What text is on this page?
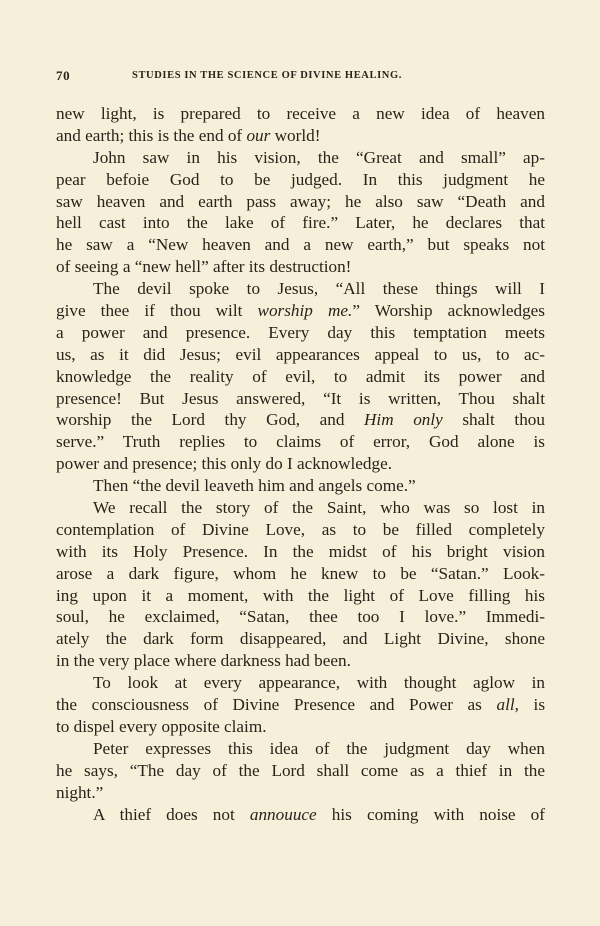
70	STUDIES IN THE SCIENCE OF DIVINE HEALING.
new light, is prepared to receive a new idea of heaven
and earth; this is the end of our world!
John saw in his vision, the “Great and small” ap-
pear befoie God to be judged. In this judgment he
saw heaven and earth pass away; he also saw “Death and
hell cast into the lake of fire.” Later, he declares that
he saw a “New heaven and a new earth,” but speaks not
of seeing a “new hell” after its destruction!
The devil spoke to Jesus, “All these things will I
give thee if thou wilt worship me.” Worship acknowledges
a power and presence. Every day this temptation meets
us, as it did Jesus; evil appearances appeal to us, to ac-
knowledge the reality of evil, to admit its power and
presence! But Jesus answered, “It is written, Thou shalt
worship the Lord thy God, and Him only shalt thou
serve.” Truth replies to claims of error, God alone is
power and presence; this only do I acknowledge.
Then “the devil leaveth him and angels come.”
We recall the story of the Saint, who was so lost in
contemplation of Divine Love, as to be filled completely
with its Holy Presence. In the midst of his bright vision
arose a dark figure, whom he knew to be “Satan.” Look-
ing upon it a moment, with the light of Love filling his
soul, he exclaimed, “Satan, thee too I love.” Immedi-
ately the dark form disappeared, and Light Divine, shone
in the very place where darkness had been.
To look at every appearance, with thought aglow in
the consciousness of Divine Presence and Power as all, is
to dispel every opposite claim.
Peter expresses this idea of the judgment day when
he says, “The day of the Lord shall come as a thief in the
night.”
A thief does not annouuce his coming with noise of
